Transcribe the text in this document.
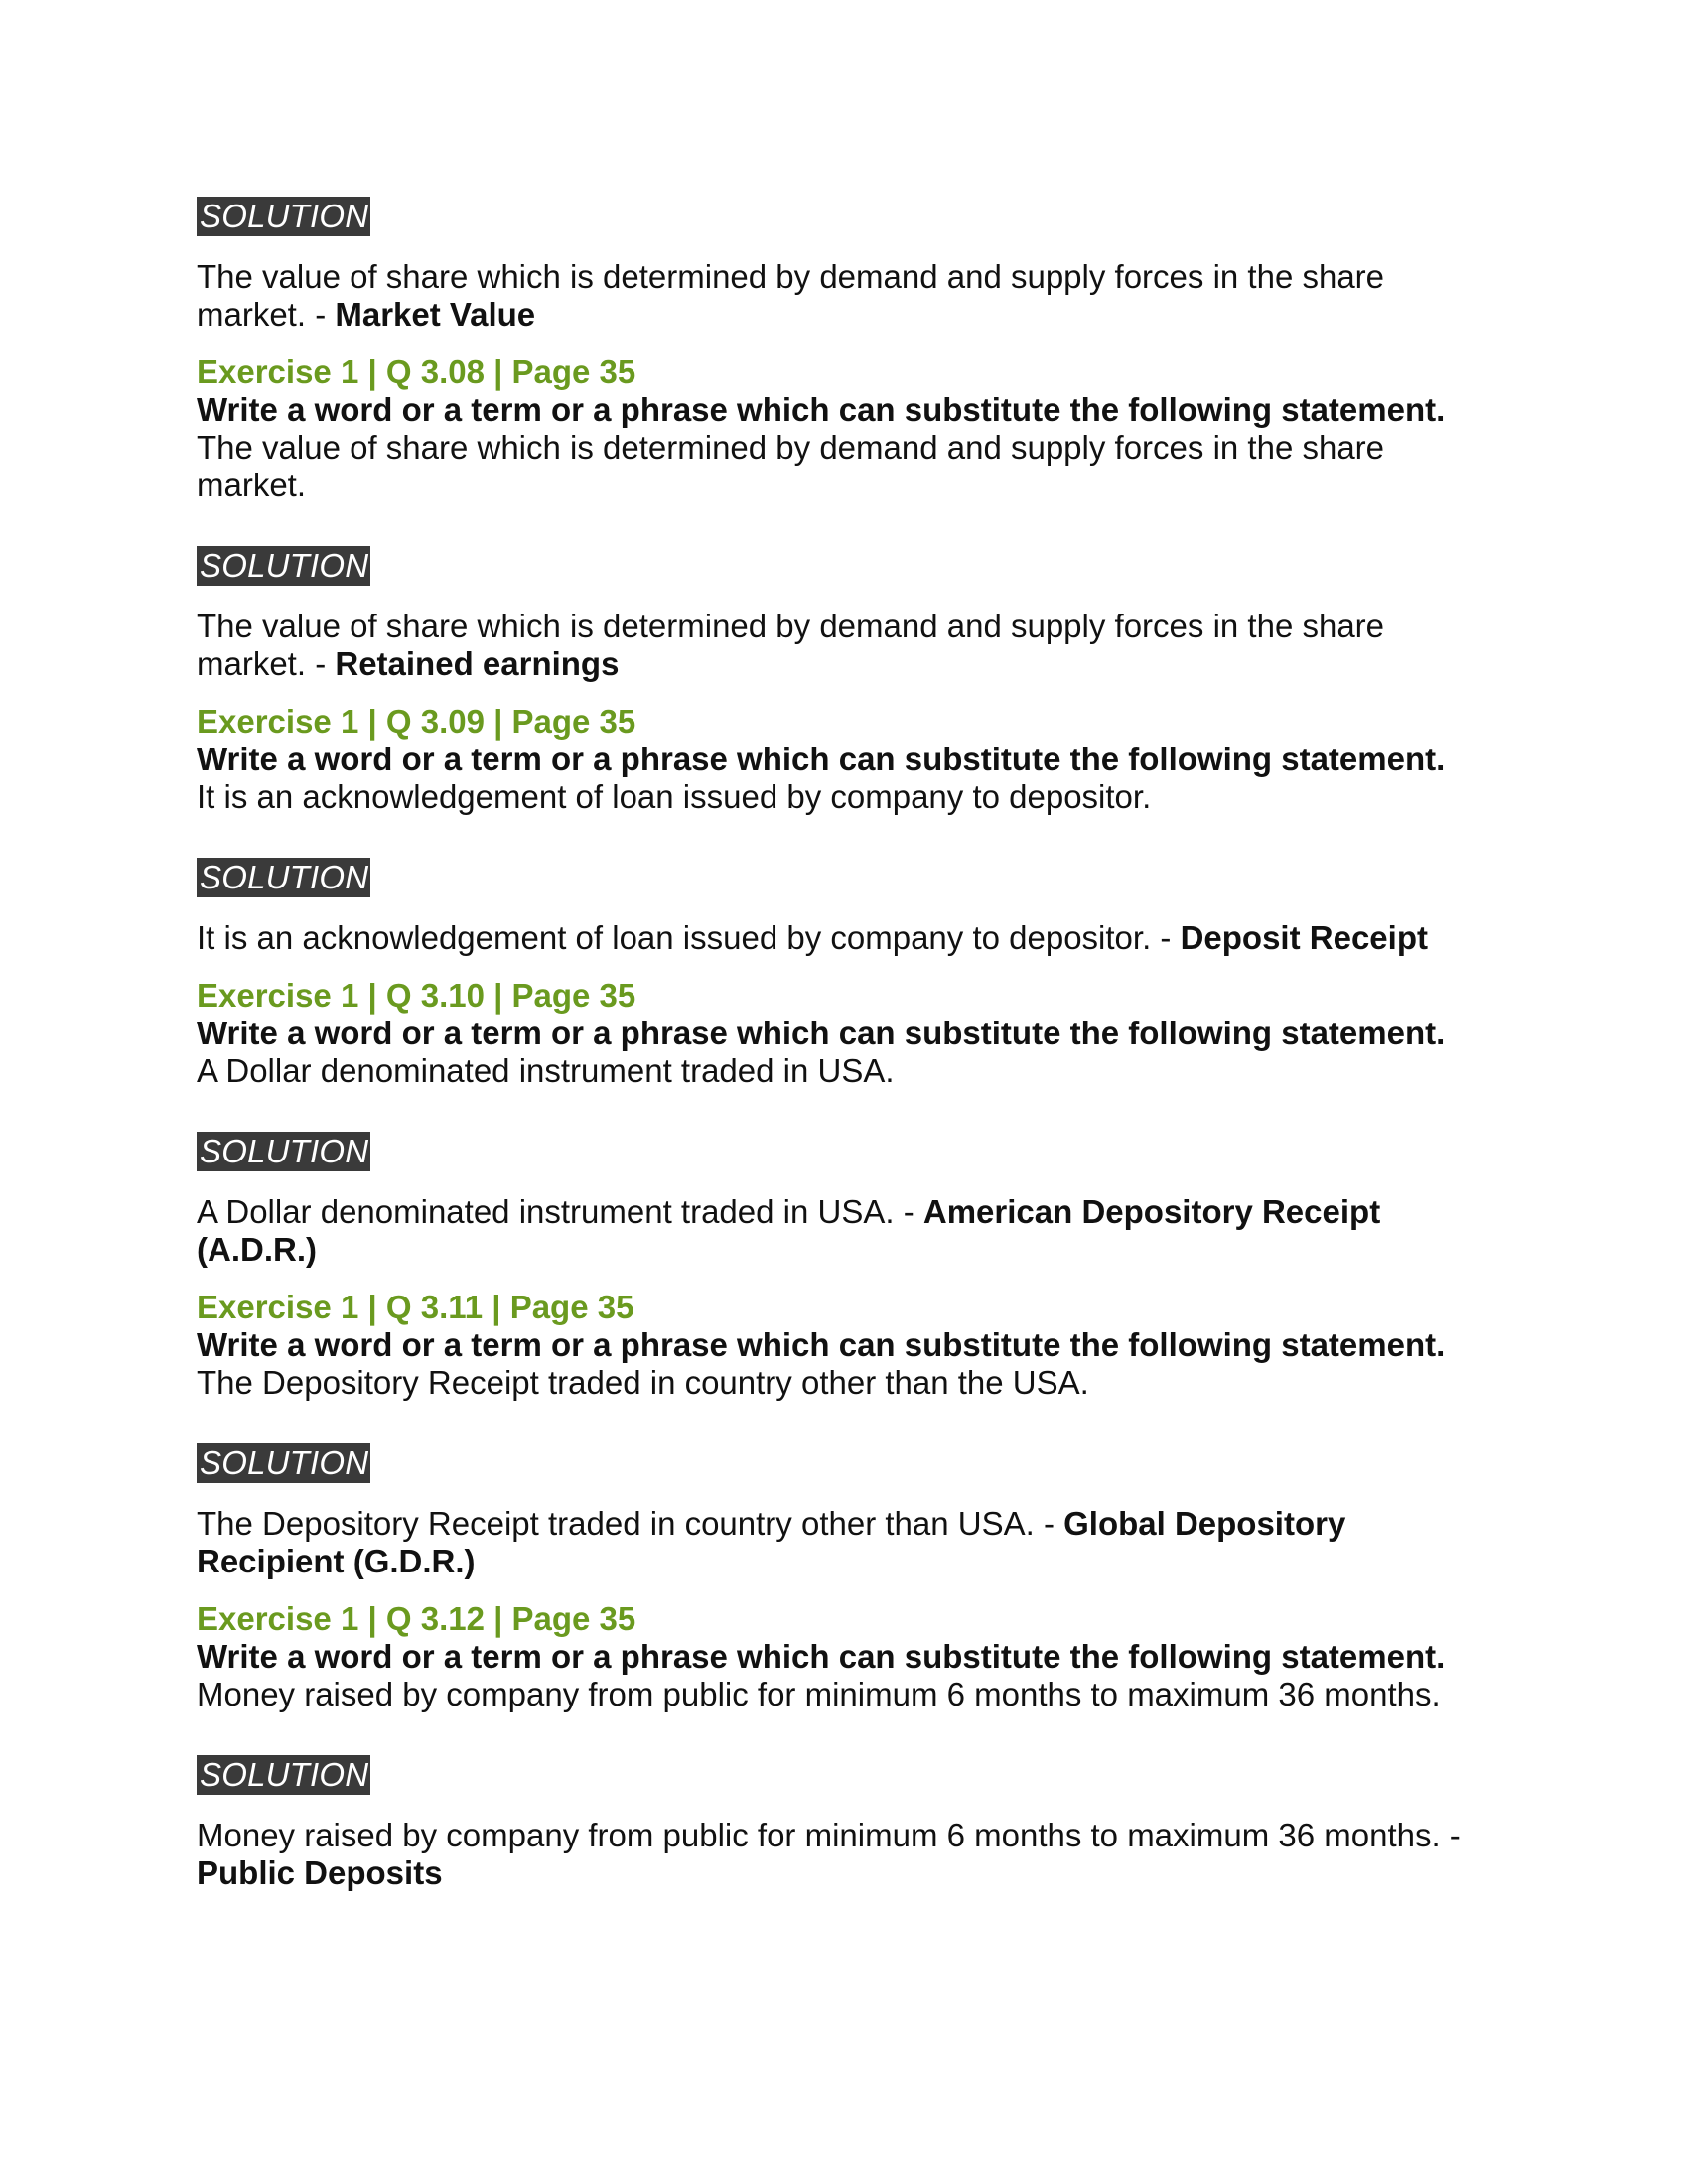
SOLUTION

The value of share which is determined by demand and supply forces in the share market. - Market Value

Exercise 1 | Q 3.08 | Page 35

Write a word or a term or a phrase which can substitute the following statement.

The value of share which is determined by demand and supply forces in the share market.

SOLUTION

The value of share which is determined by demand and supply forces in the share market. - Retained earnings

Exercise 1 | Q 3.09 | Page 35

Write a word or a term or a phrase which can substitute the following statement.

It is an acknowledgement of loan issued by company to depositor.

SOLUTION

It is an acknowledgement of loan issued by company to depositor. - Deposit Receipt

Exercise 1 | Q 3.10 | Page 35

Write a word or a term or a phrase which can substitute the following statement.

A Dollar denominated instrument traded in USA.

SOLUTION

A Dollar denominated instrument traded in USA. - American Depository Receipt (A.D.R.)

Exercise 1 | Q 3.11 | Page 35

Write a word or a term or a phrase which can substitute the following statement.

The Depository Receipt traded in country other than the USA.

SOLUTION

The Depository Receipt traded in country other than USA. - Global Depository Recipient (G.D.R.)

Exercise 1 | Q 3.12 | Page 35

Write a word or a term or a phrase which can substitute the following statement.

Money raised by company from public for minimum 6 months to maximum 36 months.

SOLUTION

Money raised by company from public for minimum 6 months to maximum 36 months. - Public Deposits
